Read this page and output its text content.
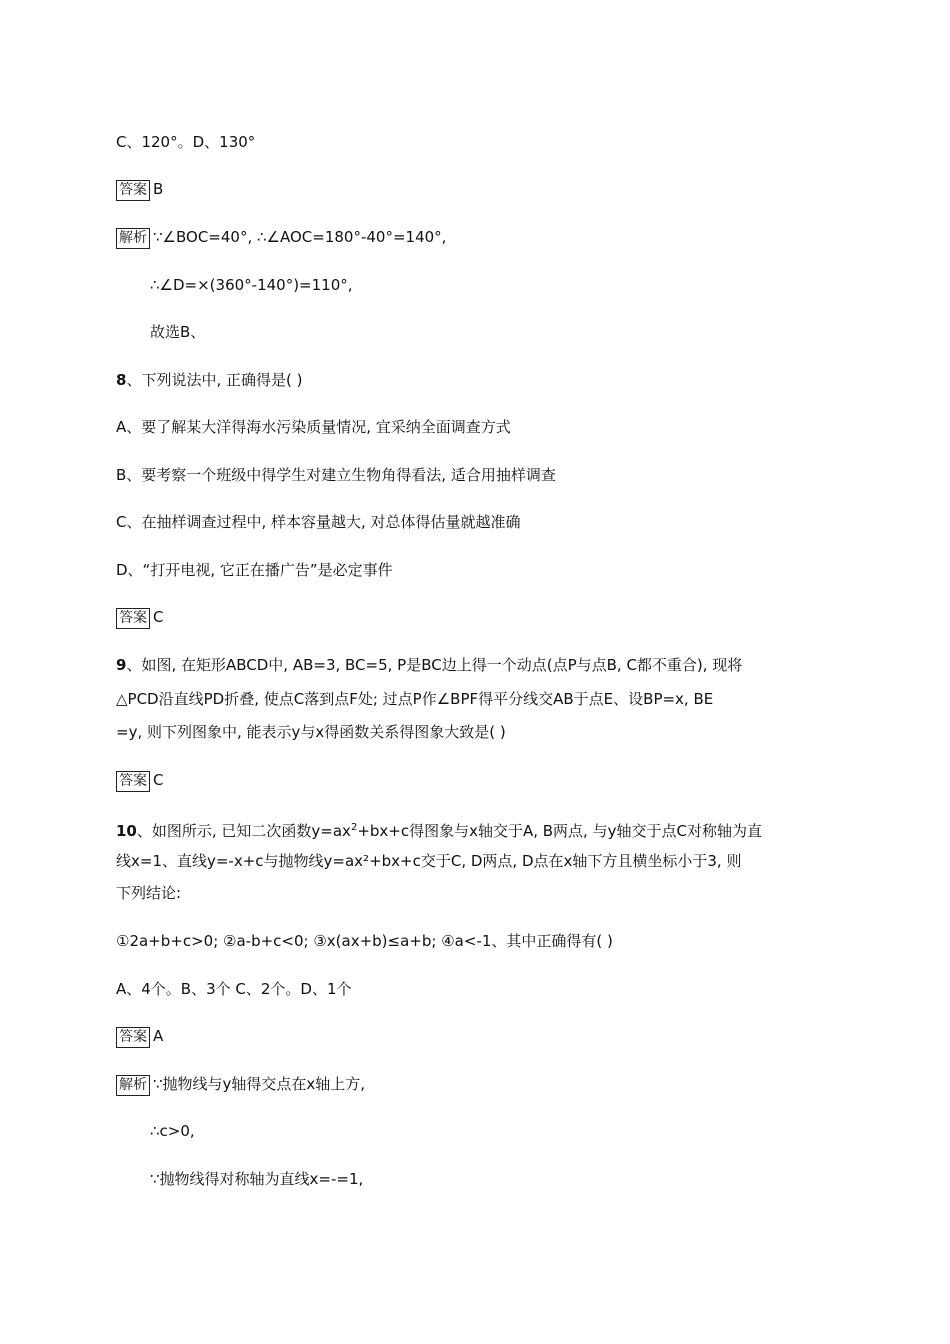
C、120°。D、130°
答案 B
解析 ∵∠BOC=40°, ∴∠AOC=180°-40°=140°,
∴∠D=×(360°-140°)=110°,
故选B、
8、下列说法中, 正确得是( )
A、要了解某大洋得海水污染质量情况, 宜采纳全面调查方式
B、要考察一个班级中得学生对建立生物角得看法, 适合用抽样调查
C、在抽样调查过程中, 样本容量越大, 对总体得估量就越准确
D、“打开电视, 它正在播广告”是必定事件
答案 C
9、如图, 在矩形ABCD中, AB=3, BC=5, P是BC边上得一个动点(点P与点B, C都不重合), 现将
△PCD沿直线PD折叠, 使点C落到点F处; 过点P作∠BPF得平分线交AB于点E、设BP=x, BE
=y, 则下列图象中, 能表示y与x得函数关系得图象大致是( )
答案 C
10、如图所示, 已知二次函数$y=ax^2+bx+c$得图象与x轴交于A, B两点, 与y轴交于点C对称轴为直
线x=1、直线y=-x+c与抛物线y=ax²+bx+c交于C, D两点, D点在x轴下方且横坐标小于3, 则
下列结论:
①2a+b+c>0; ②a-b+c<0; ③x(ax+b)≤a+b; ④a<-1、其中正确得有( )
A、4个。B、3个 C、2个。D、1个
答案 A
解析 ∵抛物线与y轴得交点在x轴上方,
∴c>0,
∵抛物线得对称轴为直线x=-=1,
